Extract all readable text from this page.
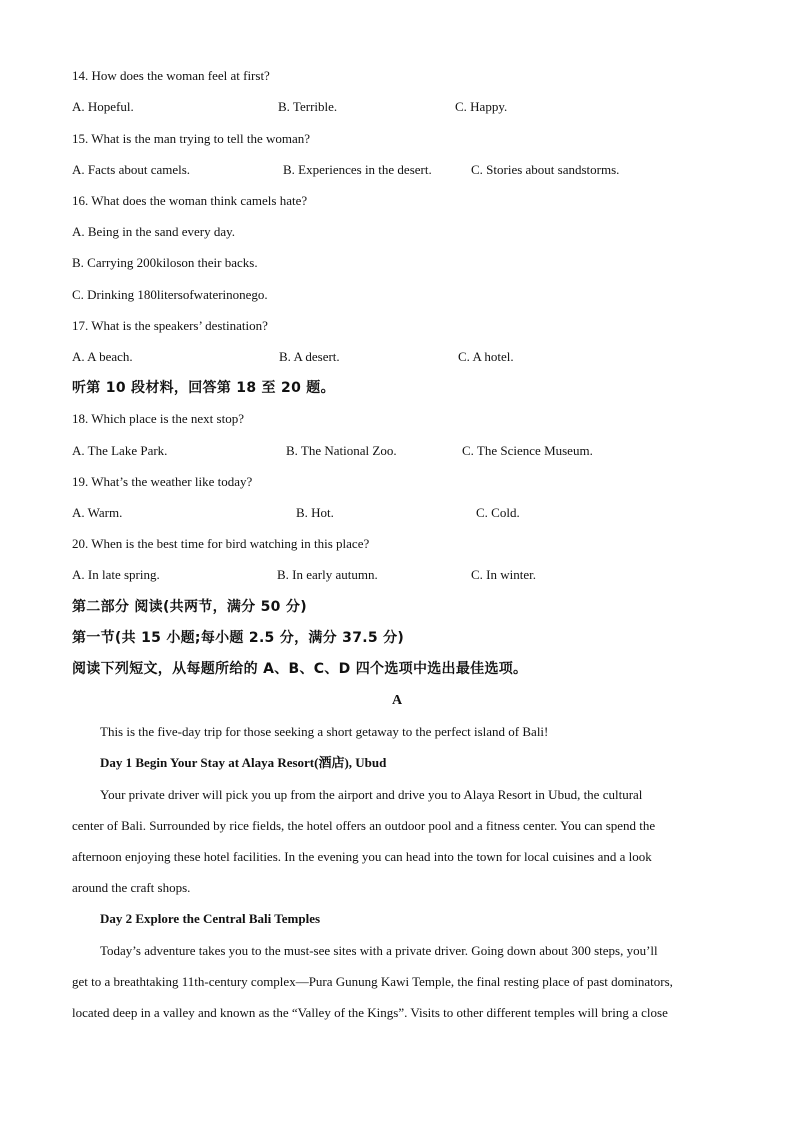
14. How does the woman feel at first?
A. Hopeful.	B. Terrible.	C. Happy.
15. What is the man trying to tell the woman?
A. Facts about camels.	B. Experiences in the desert.	C. Stories about sandstorms.
16. What does the woman think camels hate?
A. Being in the sand every day.
B. Carrying 200kiloson their backs.
C. Drinking 180litersofwaterinonego.
17. What is the speakers’ destination?
A. A beach.	B. A desert.	C. A hotel.
听第 10 段材料，回答第 18 至 20 题。
18. Which place is the next stop?
A. The Lake Park.	B. The National Zoo.	C. The Science Museum.
19. What’s the weather like today?
A. Warm.	B. Hot.	C. Cold.
20. When is the best time for bird watching in this place?
A. In late spring.	B. In early autumn.	C. In winter.
第二部分 阅读(共两节，满分 50 分)
第一节(共 15 小题;每小题 2.5 分，满分 37.5 分)
阅读下列短文，从每题所给的 A、B、C、D 四个选项中选出最佳选项。
A
This is the five-day trip for those seeking a short getaway to the perfect island of Bali!
Day 1 Begin Your Stay at Alaya Resort(酒店), Ubud
Your private driver will pick you up from the airport and drive you to Alaya Resort in Ubud, the cultural
center of Bali. Surrounded by rice fields, the hotel offers an outdoor pool and a fitness center. You can spend the
afternoon enjoying these hotel facilities. In the evening you can head into the town for local cuisines and a look
around the craft shops.
Day 2 Explore the Central Bali Temples
Today’s adventure takes you to the must-see sites with a private driver. Going down about 300 steps, you’ll
get to a breathtaking 11th-century complex—Pura Gunung Kawi Temple, the final resting place of past dominators,
located deep in a valley and known as the “Valley of the Kings”. Visits to other different temples will bring a close
